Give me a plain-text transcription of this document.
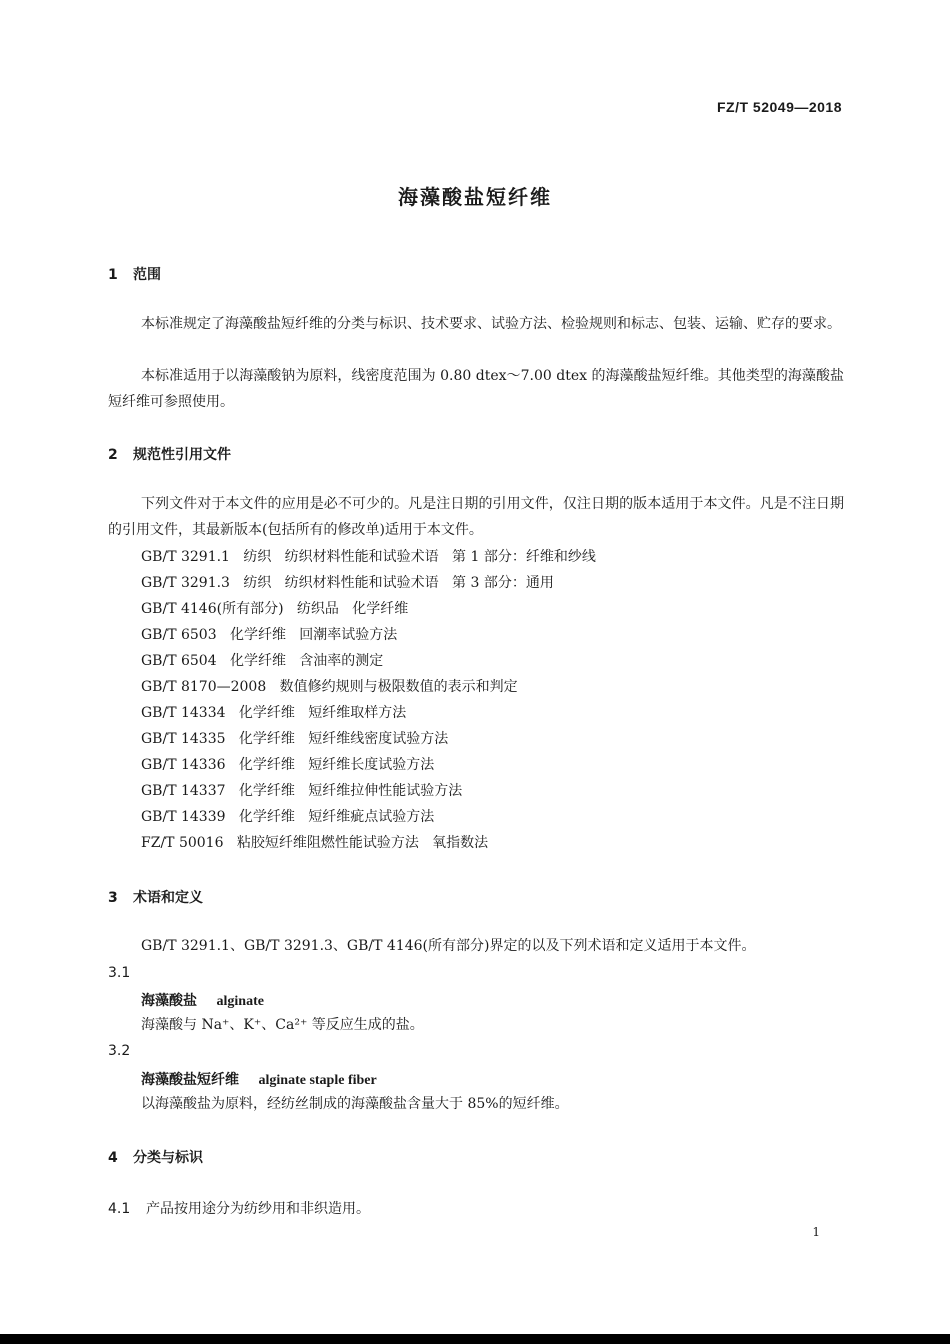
FZ/T 52049—2018
海藻酸盐短纤维
1 范围
本标准规定了海藻酸盐短纤维的分类与标识、技术要求、试验方法、检验规则和标志、包装、运输、贮存的要求。
本标准适用于以海藻酸钠为原料，线密度范围为 0.80 dtex～7.00 dtex 的海藻酸盐短纤维。其他类型的海藻酸盐短纤维可参照使用。
2 规范性引用文件
下列文件对于本文件的应用是必不可少的。凡是注日期的引用文件，仅注日期的版本适用于本文件。凡是不注日期的引用文件，其最新版本(包括所有的修改单)适用于本文件。
GB/T 3291.1   纺织   纺织材料性能和试验术语   第 1 部分：纤维和纱线
GB/T 3291.3   纺织   纺织材料性能和试验术语   第 3 部分：通用
GB/T 4146(所有部分)   纺织品   化学纤维
GB/T 6503   化学纤维   回潮率试验方法
GB/T 6504   化学纤维   含油率的测定
GB/T 8170—2008   数值修约规则与极限数值的表示和判定
GB/T 14334   化学纤维   短纤维取样方法
GB/T 14335   化学纤维   短纤维线密度试验方法
GB/T 14336   化学纤维   短纤维长度试验方法
GB/T 14337   化学纤维   短纤维拉伸性能试验方法
GB/T 14339   化学纤维   短纤维疵点试验方法
FZ/T 50016   粘胶短纤维阻燃性能试验方法   氧指数法
3 术语和定义
GB/T 3291.1、GB/T 3291.3、GB/T 4146(所有部分)界定的以及下列术语和定义适用于本文件。
3.1
海藻酸盐 alginate
海藻酸与 Na⁺、K⁺、Ca²⁺ 等反应生成的盐。
3.2
海藻酸盐短纤维 alginate staple fiber
以海藻酸盐为原料，经纺丝制成的海藻酸盐含量大于 85%的短纤维。
4 分类与标识
4.1 产品按用途分为纺纱用和非织造用。
1
